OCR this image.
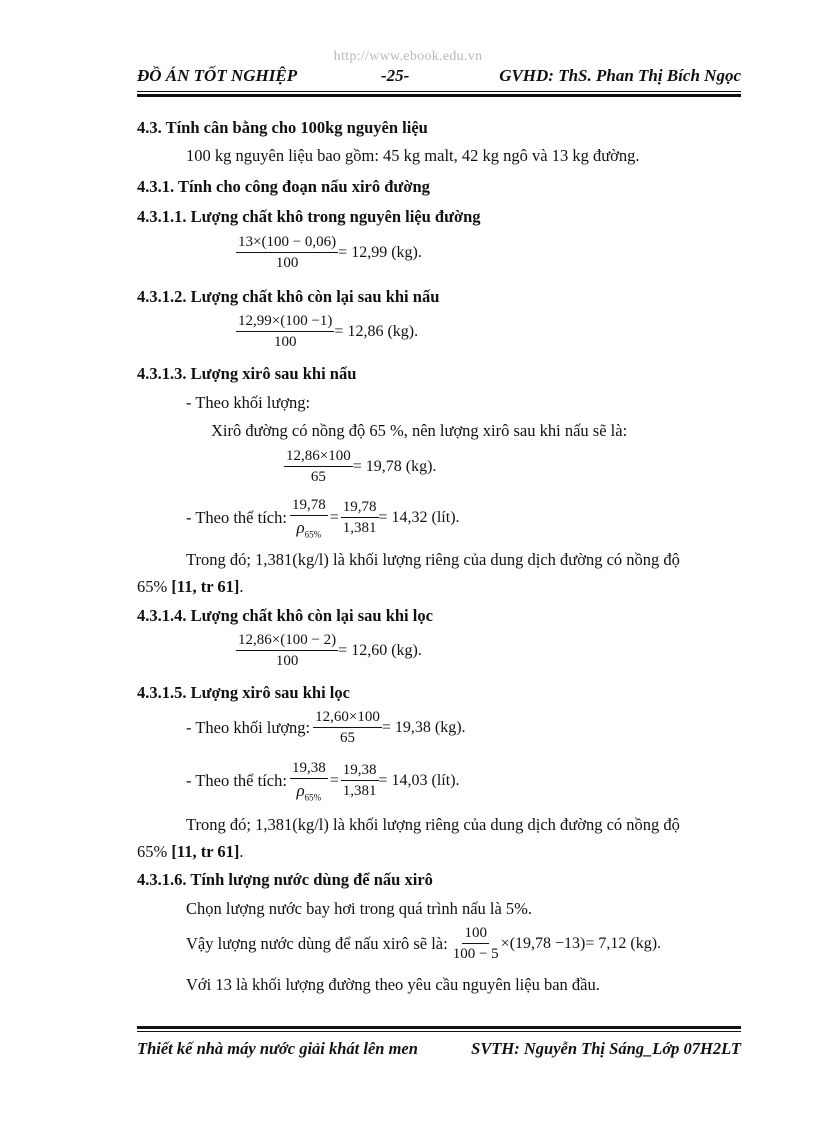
http://www.ebook.edu.vn
ĐỒ ÁN TỐT NGHIỆP	-25-	GVHD: ThS. Phan Thị Bích Ngọc
4.3. Tính cân bằng cho 100kg nguyên liệu
100 kg nguyên liệu bao gồm: 45 kg malt, 42 kg ngô và 13 kg đường.
4.3.1. Tính cho công đoạn nấu xirô đường
4.3.1.1. Lượng chất khô trong nguyên liệu đường
$\frac{13\times(100 - 0,06)}{100} = 12,99$ (kg).
4.3.1.2. Lượng chất khô còn lại sau khi nấu
$\frac{12,99\times(100 -1)}{100} = 12,86$ (kg).
4.3.1.3. Lượng xirô sau khi nấu
- Theo khối lượng:
Xirô đường có nồng độ 65 %, nên lượng xirô sau khi nấu sẽ là:
$\frac{12,86\times 100}{65} = 19,78$ (kg).
- Theo thể tích: $\frac{19,78}{\rho_{65\%}} = \frac{19,78}{1,381} = 14,32$ (lít).
Trong đó; 1,381(kg/l) là khối lượng riêng của dung dịch đường có nồng độ
65% [11, tr 61].
4.3.1.4. Lượng chất khô còn lại sau khi lọc
$\frac{12,86\times(100 - 2)}{100} = 12,60$ (kg).
4.3.1.5. Lượng xirô sau khi lọc
- Theo khối lượng: $\frac{12,60\times 100}{65} = 19,38$ (kg).
- Theo thể tích: $\frac{19,38}{\rho_{65\%}} = \frac{19,38}{1,381} = 14,03$ (lít).
Trong đó; 1,381(kg/l) là khối lượng riêng của dung dịch đường có nồng độ
65% [11, tr 61].
4.3.1.6. Tính lượng nước dùng để nấu xirô
Chọn lượng nước bay hơi trong quá trình nấu là 5%.
Vậy lượng nước dùng để nấu xirô sẽ là: $\frac{100}{100 - 5} \times(19,78 -13) = 7,12$ (kg).
Với 13 là khối lượng đường theo yêu cầu nguyên liệu ban đầu.
Thiết kế nhà máy nước giải khát lên men	SVTH: Nguyễn Thị Sáng_Lớp 07H2LT
